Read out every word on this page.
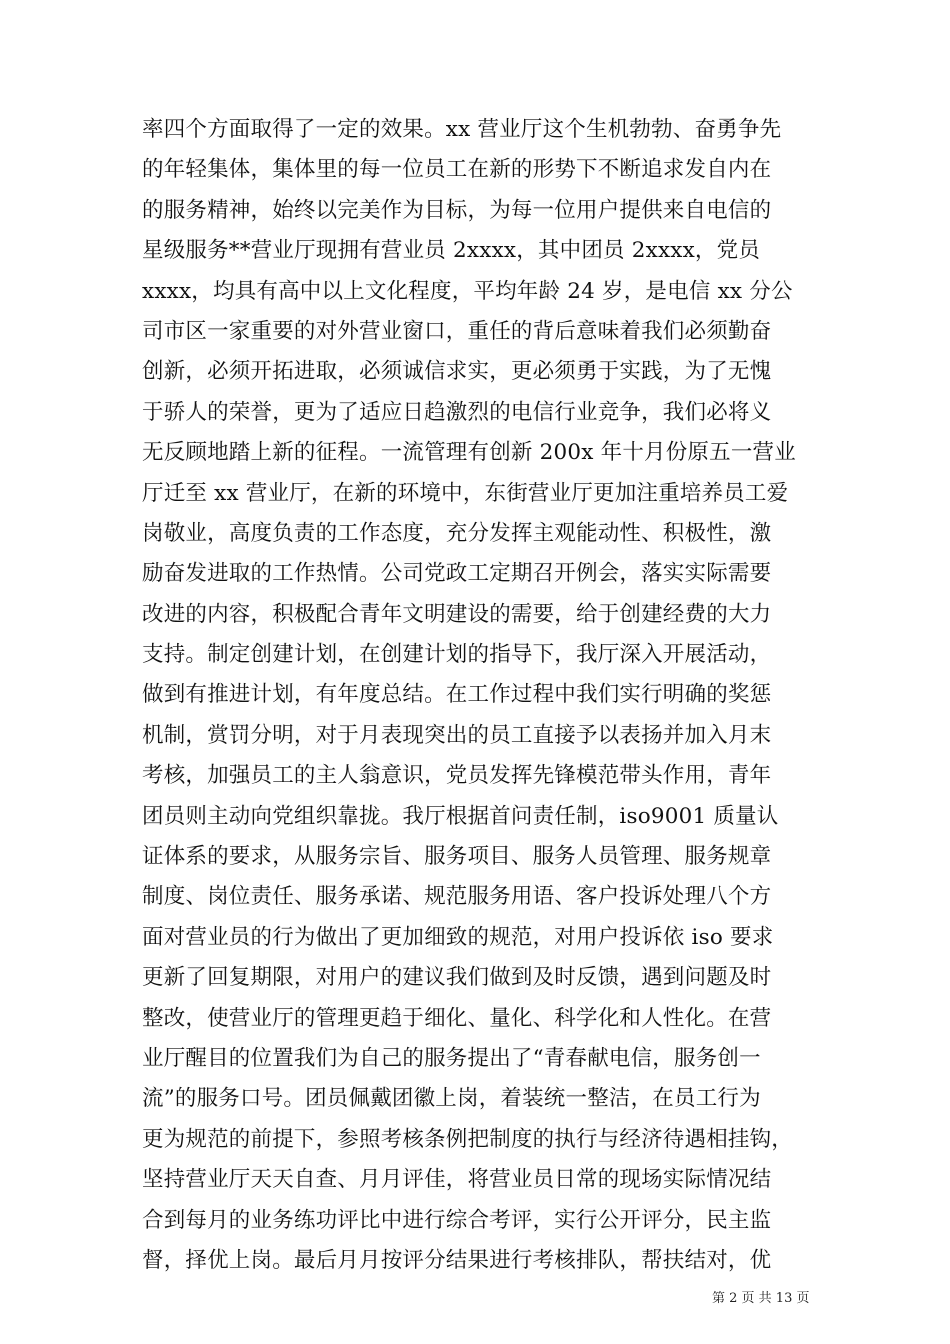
率四个方面取得了一定的效果。xx 营业厅这个生机勃勃、奋勇争先
的年轻集体，集体里的每一位员工在新的形势下不断追求发自内在
的服务精神，始终以完美作为目标，为每一位用户提供来自电信的
星级服务**营业厅现拥有营业员 2xxxx，其中团员 2xxxx，党员
xxxx，均具有高中以上文化程度，平均年龄 24 岁，是电信 xx 分公
司市区一家重要的对外营业窗口，重任的背后意味着我们必须勤奋
创新，必须开拓进取，必须诚信求实，更必须勇于实践，为了无愧
于骄人的荣誉，更为了适应日趋激烈的电信行业竞争，我们必将义
无反顾地踏上新的征程。一流管理有创新 200x 年十月份原五一营业
厅迁至 xx 营业厅，在新的环境中，东街营业厅更加注重培养员工爱
岗敬业，高度负责的工作态度，充分发挥主观能动性、积极性，激
励奋发进取的工作热情。公司党政工定期召开例会，落实实际需要
改进的内容，积极配合青年文明建设的需要，给于创建经费的大力
支持。制定创建计划，在创建计划的指导下，我厅深入开展活动，
做到有推进计划，有年度总结。在工作过程中我们实行明确的奖惩
机制，赏罚分明，对于月表现突出的员工直接予以表扬并加入月末
考核，加强员工的主人翁意识，党员发挥先锋模范带头作用，青年
团员则主动向党组织靠拢。我厅根据首问责任制，iso9001 质量认
证体系的要求，从服务宗旨、服务项目、服务人员管理、服务规章
制度、岗位责任、服务承诺、规范服务用语、客户投诉处理八个方
面对营业员的行为做出了更加细致的规范，对用户投诉依 iso 要求
更新了回复期限，对用户的建议我们做到及时反馈，遇到问题及时
整改，使营业厅的管理更趋于细化、量化、科学化和人性化。在营
业厅醒目的位置我们为自己的服务提出了“青春献电信，服务创一
流”的服务口号。团员佩戴团徽上岗，着装统一整洁，在员工行为
更为规范的前提下，参照考核条例把制度的执行与经济待遇相挂钩，
坚持营业厅天天自查、月月评佳，将营业员日常的现场实际情况结
合到每月的业务练功评比中进行综合考评，实行公开评分，民主监
督，择优上岗。最后月月按评分结果进行考核排队，帮扶结对，优
第 2 页 共 13 页
